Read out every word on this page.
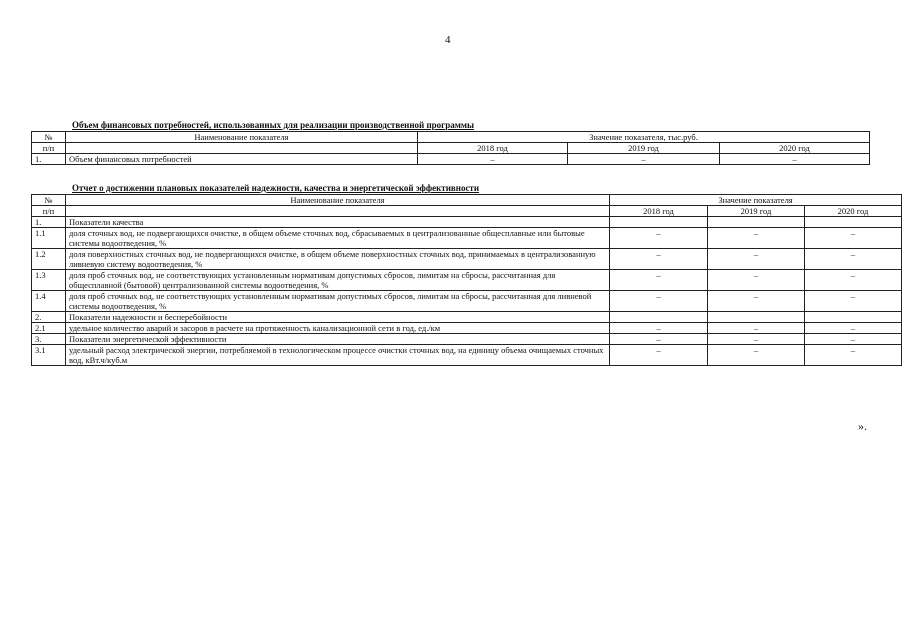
4
Объем финансовых потребностей, использованных для реализации производственной программы
№	Наименование показателя	Значение показателя, тыс.руб.		
п/п		2018 год	2019 год	2020 год
1.	Объем финансовых потребностей	–	–	–
Отчет о достижении плановых показателей надежности, качества и энергетической эффективности
№	Наименование показателя	Значение показателя		
п/п		2018 год	2019 год	2020 год
1.	Показатели качества			
1.1	доля сточных вод, не подвергающихся очистке, в общем объеме сточных вод, сбрасываемых в централизованные общесплавные или бытовые системы водоотведения, %	–	–	–
1.2	доля поверхностных сточных вод, не подвергающихся очистке, в общем объеме поверхностных сточных вод, принимаемых в централизованную ливневую систему водоотведения, %	–	–	–
1.3	доля проб сточных вод, не соответствующих установленным нормативам допустимых сбросов, лимитам на сбросы, рассчитанная для общесплавной (бытовой) централизованной системы водоотведения, %	–	–	–
1.4	доля проб сточных вод, не соответствующих установленным нормативам допустимых сбросов, лимитам на сбросы, рассчитанная для ливневой системы водоотведения, %	–	–	–
2.	Показатели надежности и бесперебойности			
2.1	удельное количество аварий и засоров в расчете на протяженность канализационной сети в год, ед./км	–	–	–
3.	Показатели энергетической эффективности	–	–	–
3.1	удельный расход электрической энергии, потребляемой в технологическом процессе очистки сточных вод, на единицу объема очищаемых сточных вод, кВт.ч/куб.м	–	–	–
».
